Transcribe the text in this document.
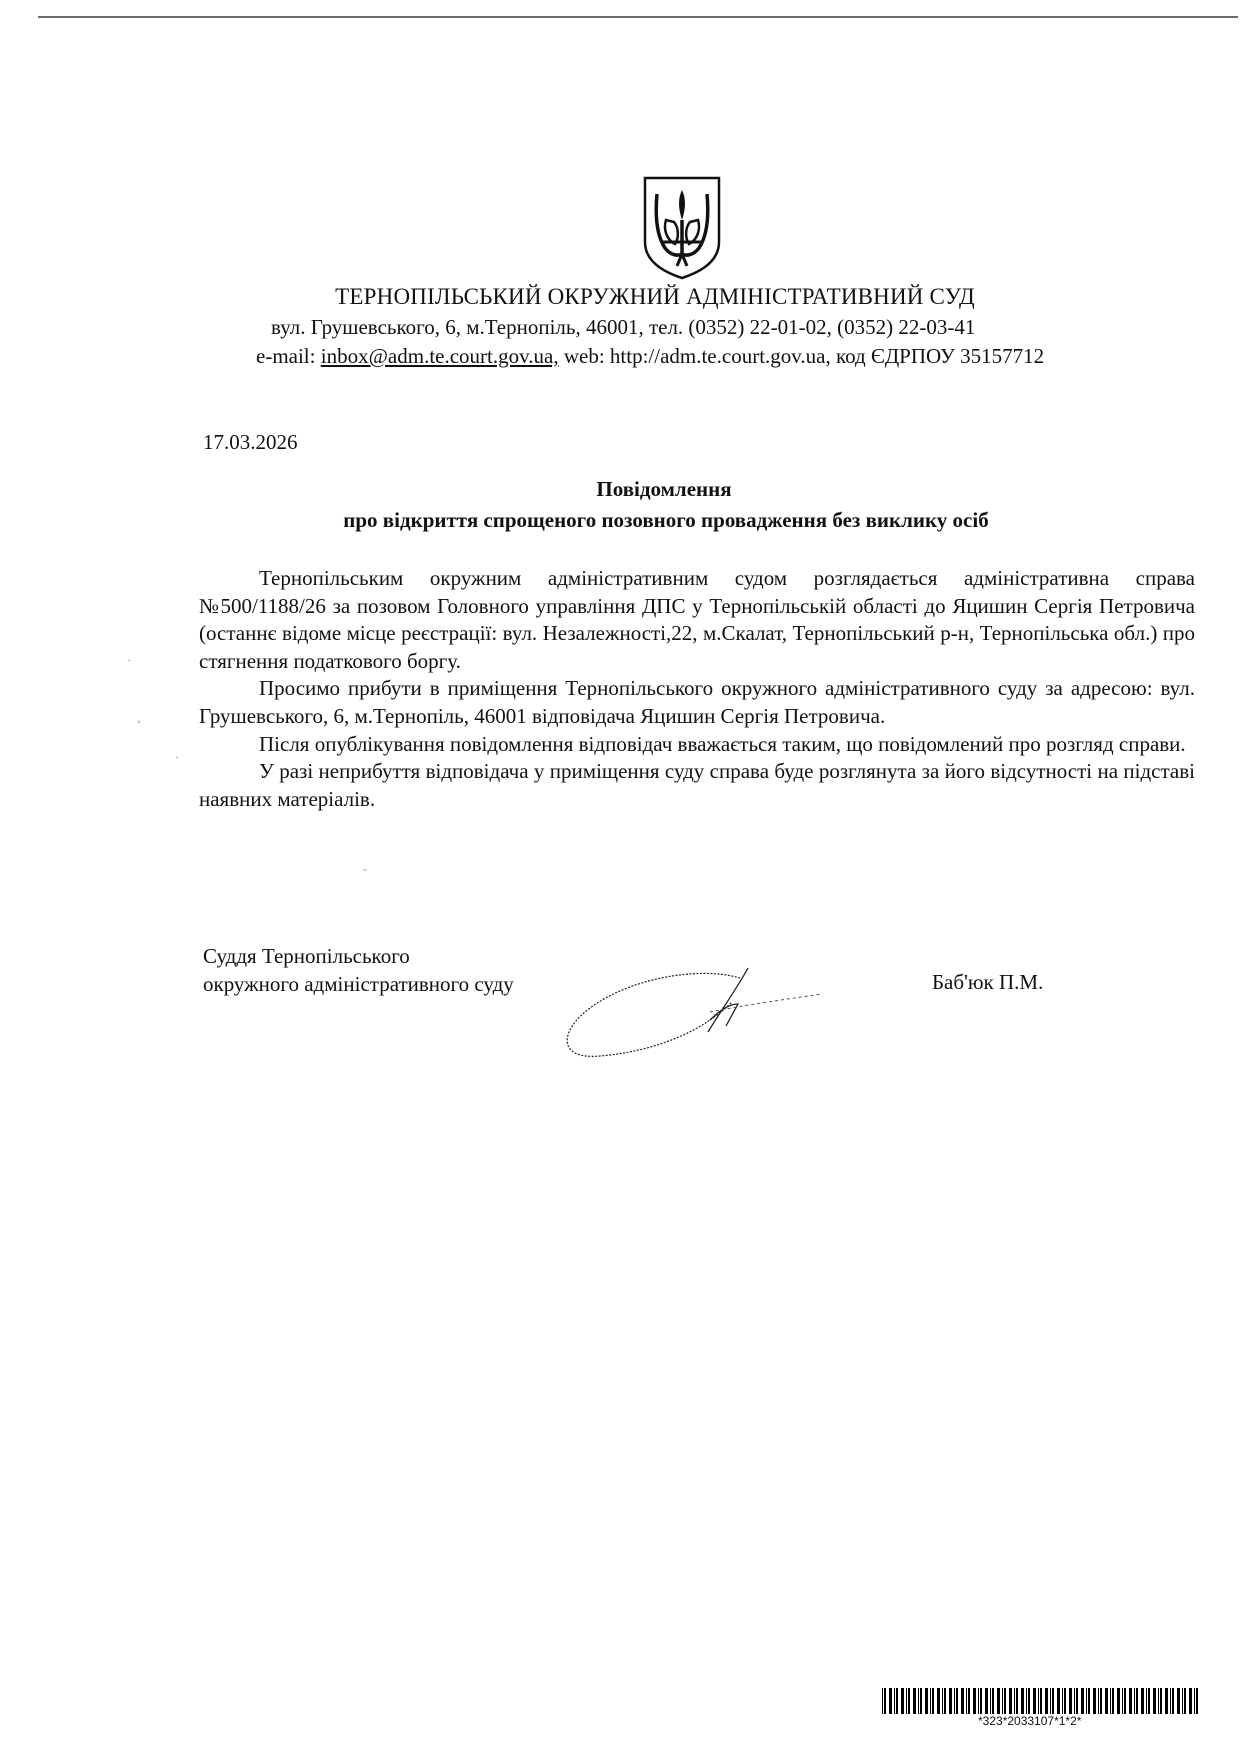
ТЕРНОПІЛЬСЬКИЙ ОКРУЖНИЙ АДМІНІСТРАТИВНИЙ СУД
вул. Грушевського, 6, м.Тернопіль, 46001, тел. (0352) 22-01-02, (0352) 22-03-41
e-mail: inbox@adm.te.court.gov.ua, web: http://adm.te.court.gov.ua, код ЄДРПОУ 35157712
17.03.2026
Повідомлення
про відкриття спрощеного позовного провадження без виклику осіб

Тернопільським окружним адміністративним судом розглядається адміністративна справа №500/1188/26 за позовом Головного управління ДПС у Тернопільській області до Яцишин Сергія Петровича (останнє відоме місце реєстрації: вул. Незалежності,22, м.Скалат, Тернопільський р-н, Тернопільська обл.) про стягнення податкового боргу.

Просимо прибути в приміщення Тернопільського окружного адміністративного суду за адресою: вул. Грушевського, 6, м.Тернопіль, 46001 відповідача Яцишин Сергія Петровича.

Після опублікування повідомлення відповідач вважається таким, що повідомлений про розгляд справи.

У разі неприбуття відповідача у приміщення суду справа буде розглянута за його відсутності на підставі наявних матеріалів.

Суддя Тернопільського
окружного адміністративного суду	Баб'юк П.М.
*323*2033107*1*2*
·
˚
·
˘
